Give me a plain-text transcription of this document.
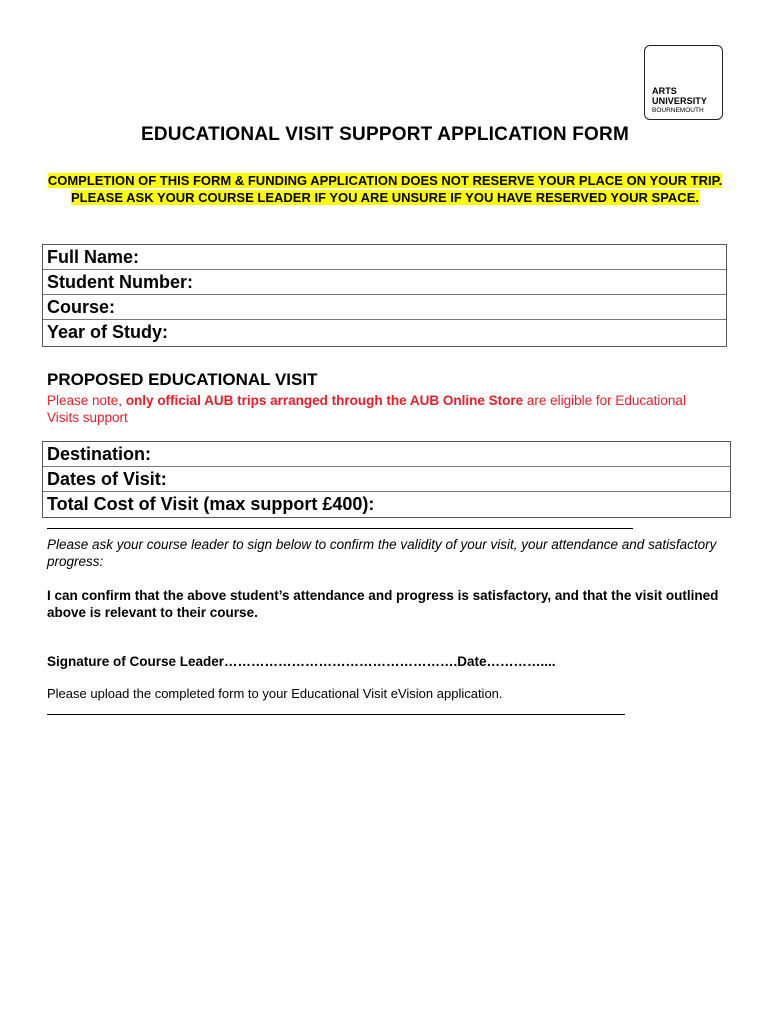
ARTS
UNIVERSITY
BOURNEMOUTH
EDUCATIONAL VISIT SUPPORT APPLICATION FORM
COMPLETION OF THIS FORM & FUNDING APPLICATION DOES NOT RESERVE YOUR PLACE ON YOUR TRIP. PLEASE ASK YOUR COURSE LEADER IF YOU ARE UNSURE IF YOU HAVE RESERVED YOUR SPACE.
Full Name:
Student Number:
Course:
Year of Study:
PROPOSED EDUCATIONAL VISIT
Please note, only official AUB trips arranged through the AUB Online Store are eligible for Educational Visits support
Destination:
Dates of Visit:
Total Cost of Visit (max support £400):
Please ask your course leader to sign below to confirm the validity of your visit, your attendance and satisfactory progress:
I can confirm that the above student’s attendance and progress is satisfactory, and that the visit outlined above is relevant to their course.
Signature of Course Leader…………………………………………….Date…………....
Please upload the completed form to your Educational Visit eVision application.
